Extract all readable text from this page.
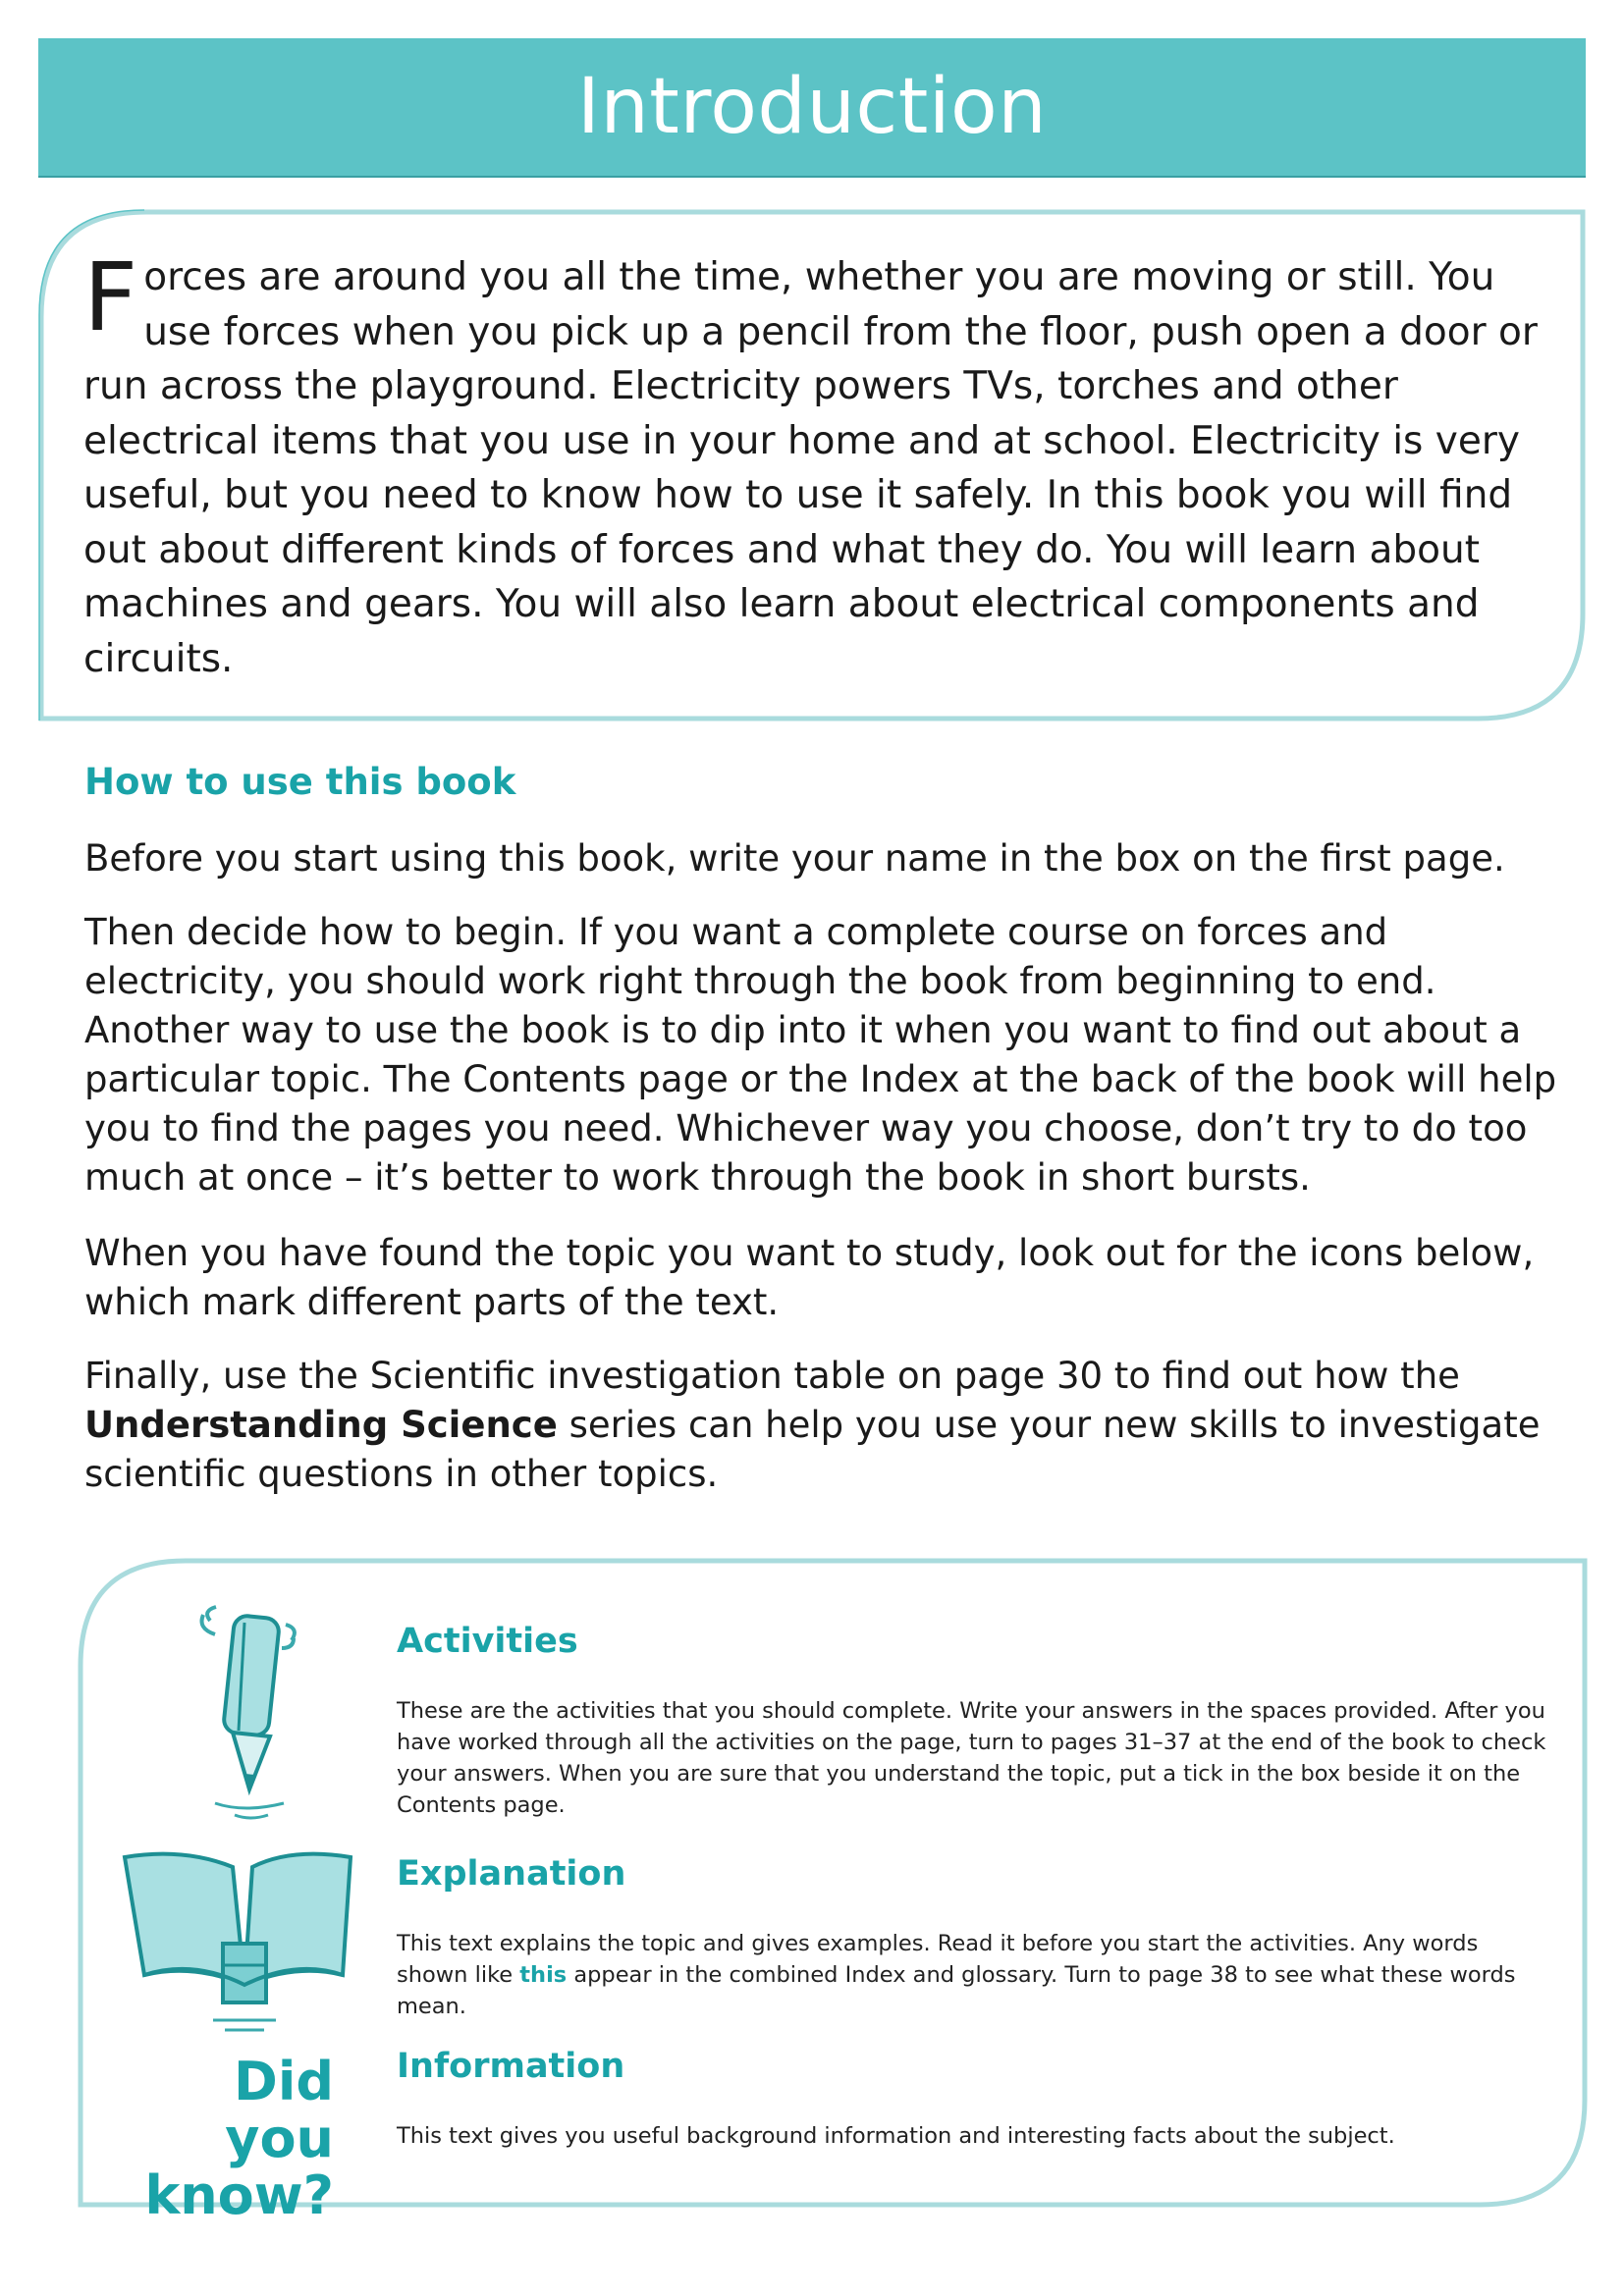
Introduction
Forces are around you all the time, whether you are moving or still. You use forces when you pick up a pencil from the floor, push open a door or run across the playground. Electricity powers TVs, torches and other electrical items that you use in your home and at school. Electricity is very useful, but you need to know how to use it safely. In this book you will find out about different kinds of forces and what they do. You will learn about machines and gears. You will also learn about electrical components and circuits.
How to use this book

Before you start using this book, write your name in the box on the first page.

Then decide how to begin. If you want a complete course on forces and electricity, you should work right through the book from beginning to end. Another way to use the book is to dip into it when you want to find out about a particular topic. The Contents page or the Index at the back of the book will help you to find the pages you need. Whichever way you choose, don’t try to do too much at once – it’s better to work through the book in short bursts.

When you have found the topic you want to study, look out for the icons below, which mark different parts of the text.

Finally, use the Scientific investigation table on page 30 to find out how the Understanding Science series can help you use your new skills to investigate scientific questions in other topics.

Activities

These are the activities that you should complete. Write your answers in the spaces provided. After you have worked through all the activities on the page, turn to pages 31–37 at the end of the book to check your answers. When you are sure that you understand the topic, put a tick in the box beside it on the Contents page.

Explanation

This text explains the topic and gives examples. Read it before you start the activities. Any words shown like this appear in the combined Index and glossary. Turn to page 38 to see what these words mean.

Information

This text gives you useful background information and interesting facts about the subject.

Did you
know?
